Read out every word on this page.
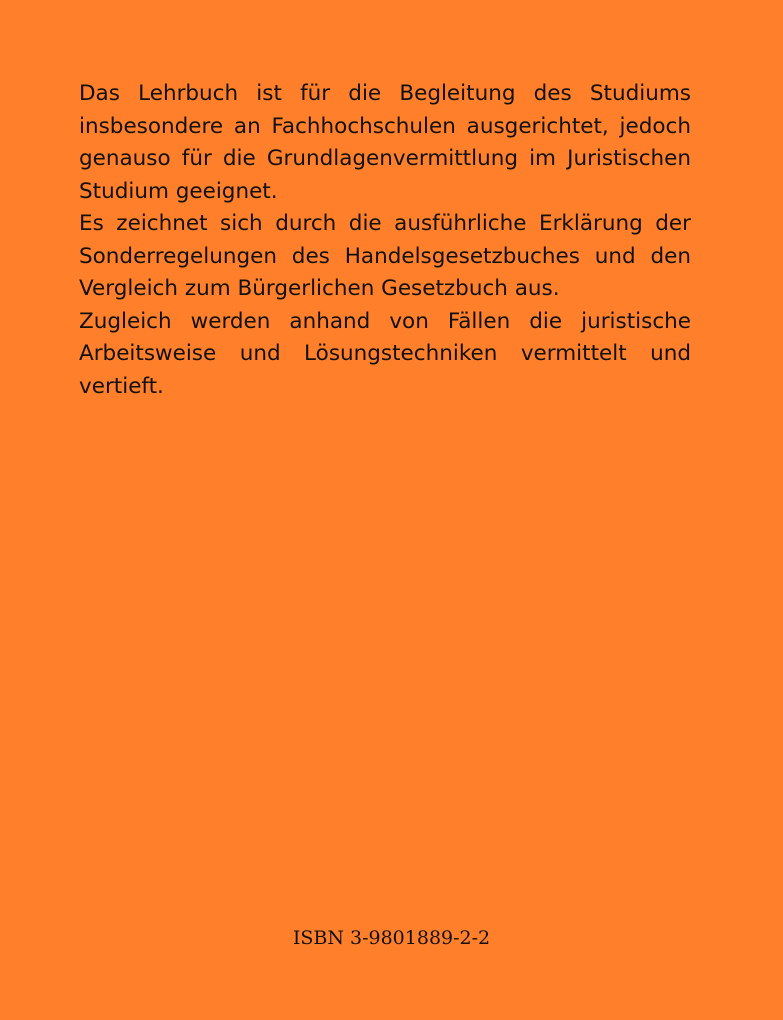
Das Lehrbuch ist für die Begleitung des Studiums insbesondere an Fachhochschulen ausgerichtet, jedoch genauso für die Grundlagenvermittlung im Juristischen Studium geeignet.

Es zeichnet sich durch die ausführliche Erklärung der Sonderregelungen des Handelsgesetzbuches und den Vergleich zum Bürgerlichen Gesetzbuch aus.

Zugleich werden anhand von Fällen die juristische Arbeitsweise und Lösungstechniken vermittelt und vertieft.

ISBN 3-9801889-2-2
